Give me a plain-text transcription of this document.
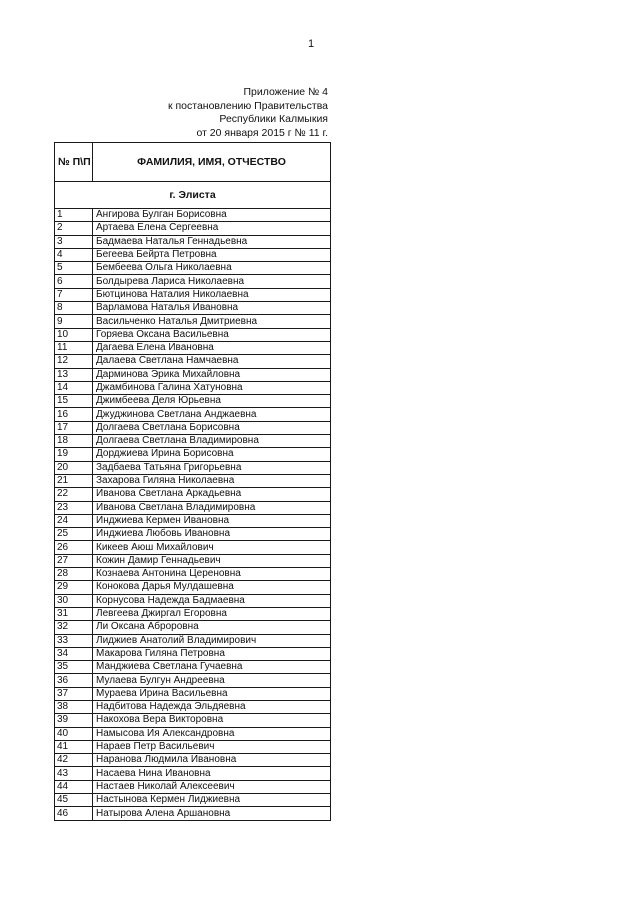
1
Приложение № 4
к постановлению Правительства
Республики Калмыкия
от 20 января 2015 г № 11 г.
№ П\П	ФАМИЛИЯ, ИМЯ, ОТЧЕСТВО
г. Элиста	
1	Ангирова Булган Борисовна
2	Артаева Елена Сергеевна
3	Бадмаева Наталья Геннадьевна
4	Бегеева Бейрта Петровна
5	Бембеева Ольга Николаевна
6	Болдырева Лариса Николаевна
7	Бютцинова Наталия Николаевна
8	Варламова Наталья Ивановна
9	Васильченко Наталья Дмитриевна
10	Горяева Оксана Васильевна
11	Дагаева Елена Ивановна
12	Далаева Светлана Намчаевна
13	Дарминова Эрика Михайловна
14	Джамбинова Галина Хатуновна
15	Джимбеева Деля Юрьевна
16	Джуджинова Светлана Анджаевна
17	Долгаева Светлана Борисовна
18	Долгаева Светлана Владимировна
19	Дорджиева Ирина Борисовна
20	Задбаева Татьяна Григорьевна
21	Захарова Гиляна Николаевна
22	Иванова Светлана Аркадьевна
23	Иванова Светлана Владимировна
24	Инджиева Кермен Ивановна
25	Инджиева Любовь Ивановна
26	Кикеев Аюш Михайлович
27	Кожин Дамир Геннадьевич
28	Кознаева Антонина Цереновна
29	Конокова Дарья Мулдашевна
30	Корнусова Надежда Бадмаевна
31	Левгеева Джиргал Егоровна
32	Ли Оксана Аброровна
33	Лиджиев Анатолий Владимирович
34	Макарова Гиляна Петровна
35	Манджиева Светлана Гучаевна
36	Мулаева Булгун Андреевна
37	Мураева Ирина Васильевна
38	Надбитова Надежда Эльдяевна
39	Накохова Вера Викторовна
40	Намысова Ия Александровна
41	Нараев Петр Васильевич
42	Наранова Людмила Ивановна
43	Насаева Нина Ивановна
44	Настаев Николай Алексеевич
45	Настынова Кермен Лиджиевна
46	Натырова Алена Аршановна
